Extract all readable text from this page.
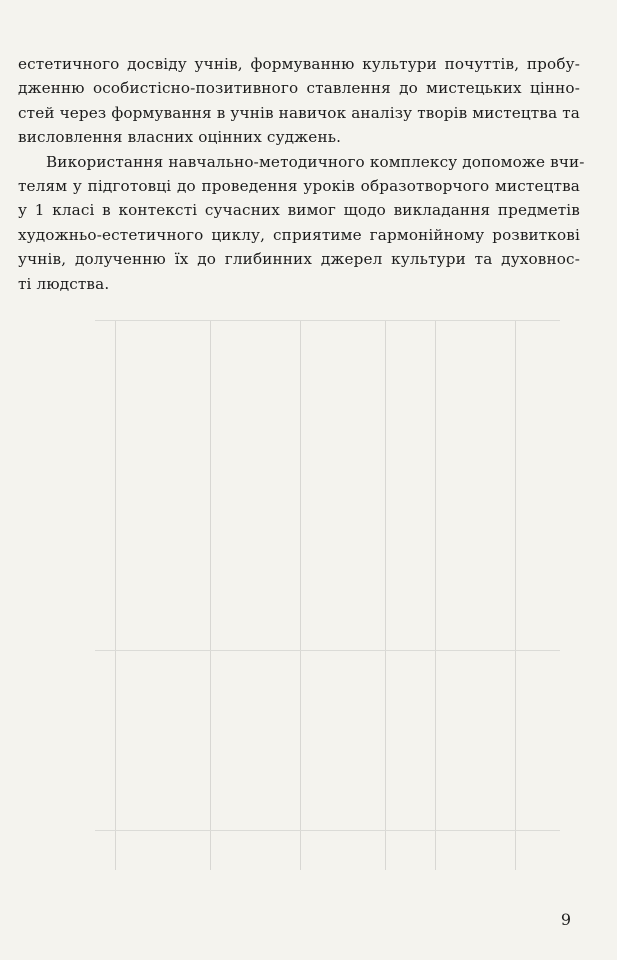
естетичного досвіду учнів, формуванню культури почуттів, пробу-
дженню особистісно-позитивного ставлення до мистецьких цінно-
стей через формування в учнів навичок аналізу творів мистецтва та
висловлення власних оцінних суджень.

Використання навчально-методичного комплексу допоможе вчи-
телям у підготовці до проведення уроків образотворчого мистецтва
у 1 класі в контексті сучасних вимог щодо викладання предметів
художньо-естетичного циклу, сприятиме гармонійному розвиткові
учнів, долученню їх до глибинних джерел культури та духовнос-
ті людства.

9
